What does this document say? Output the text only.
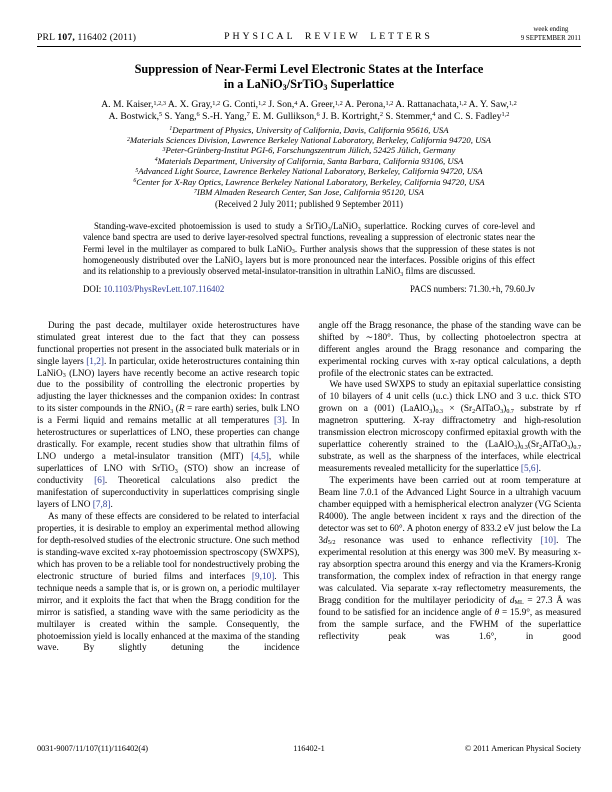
PRL 107, 116402 (2011)	PHYSICAL REVIEW LETTERS
week ending
9 SEPTEMBER 2011
Suppression of Near-Fermi Level Electronic States at the Interface
in a LaNiO3/SrTiO3 Superlattice
A. M. Kaiser,$^{1,2,3}$ A. X. Gray,$^{1,2}$ G. Conti,$^{1,2}$ J. Son,$^4$ A. Greer,$^{1,2}$ A. Perona,$^{1,2}$ A. Rattanachata,$^{1,2}$ A. Y. Saw,$^{1,2}$
A. Bostwick,$^5$ S. Yang,$^6$ S.-H. Yang,$^7$ E. M. Gullikson,$^6$ J. B. Kortright,$^2$ S. Stemmer,$^4$ and C. S. Fadley$^{1,2}$
$^1$Department of Physics, University of California, Davis, California 95616, USA
$^2$Materials Sciences Division, Lawrence Berkeley National Laboratory, Berkeley, California 94720, USA
$^3$Peter-Grünberg-Institut PGI-6, Forschungszentrum Jülich, 52425 Jülich, Germany
$^4$Materials Department, University of California, Santa Barbara, California 93106, USA
$^5$Advanced Light Source, Lawrence Berkeley National Laboratory, Berkeley, California 94720, USA
$^6$Center for X-Ray Optics, Lawrence Berkeley National Laboratory, Berkeley, California 94720, USA
$^7$IBM Almaden Research Center, San Jose, California 95120, USA
(Received 2 July 2011; published 9 September 2011)
Standing-wave-excited photoemission is used to study a SrTiO3/LaNiO3 superlattice. Rocking curves of core-level and valence band spectra are used to derive layer-resolved spectral functions, revealing a suppression of electronic states near the Fermi level in the multilayer as compared to bulk LaNiO3. Further analysis shows that the suppression of these states is not homogeneously distributed over the LaNiO3 layers but is more pronounced near the interfaces. Possible origins of this effect and its relationship to a previously observed metal-insulator-transition in ultrathin LaNiO3 films are discussed.
DOI: 10.1103/PhysRevLett.107.116402	PACS numbers: 71.30.+h, 79.60.Jv
During the past decade, multilayer oxide heterostructures have stimulated great interest due to the fact that they can possess functional properties not present in the associated bulk materials or in single layers [1,2]. In particular, oxide heterostructures containing thin LaNiO3 (LNO) layers have recently become an active research topic due to the possibility of controlling the electronic properties by adjusting the layer thicknesses and the companion oxides: In contrast to its sister compounds in the RNiO3 (R = rare earth) series, bulk LNO is a Fermi liquid and remains metallic at all temperatures [3]. In heterostructures or superlattices of LNO, these properties can change drastically. For example, recent studies show that ultrathin films of LNO undergo a metal-insulator transition (MIT) [4,5], while superlattices of LNO with SrTiO3 (STO) show an increase of conductivity [6]. Theoretical calculations also predict the manifestation of superconductivity in superlattices comprising single layers of LNO [7,8].
As many of these effects are considered to be related to interfacial properties, it is desirable to employ an experimental method allowing for depth-resolved studies of the electronic structure. One such method is standing-wave excited x-ray photoemission spectroscopy (SWXPS), which has proven to be a reliable tool for nondestructively probing the electronic structure of buried films and interfaces [9,10]. This technique needs a sample that is, or is grown on, a periodic multilayer mirror, and it exploits the fact that when the Bragg condition for the mirror is satisfied, a standing wave with the same periodicity as the multilayer is created within the sample. Consequently, the photoemission yield is locally enhanced at the maxima of the standing wave. By slightly detuning the incidence
angle off the Bragg resonance, the phase of the standing wave can be shifted by ∼180°. Thus, by collecting photoelectron spectra at different angles around the Bragg resonance and comparing the experimental rocking curves with x-ray optical calculations, a depth profile of the electronic states can be extracted.
We have used SWXPS to study an epitaxial superlattice consisting of 10 bilayers of 4 unit cells (u.c.) thick LNO and 3 u.c. thick STO grown on a (001) (LaAlO3)0.3 × (Sr2AlTaO3)0.7 substrate by rf magnetron sputtering. X-ray diffractometry and high-resolution transmission electron microscopy confirmed epitaxial growth with the superlattice coherently strained to the (LaAlO3)0.3(Sr2AlTaO3)0.7 substrate, as well as the sharpness of the interfaces, while electrical measurements revealed metallicity for the superlattice [5,6].
The experiments have been carried out at room temperature at Beam line 7.0.1 of the Advanced Light Source in a ultrahigh vacuum chamber equipped with a hemispherical electron analyzer (VG Scienta R4000). The angle between incident x rays and the direction of the detector was set to 60°. A photon energy of 833.2 eV just below the La 3d5/2 resonance was used to enhance reflectivity [10]. The experimental resolution at this energy was 300 meV. By measuring x-ray absorption spectra around this energy and via the Kramers-Kronig transformation, the complex index of refraction in that energy range was calculated. Via separate x-ray reflectometry measurements, the Bragg condition for the multilayer periodicity of dML = 27.3 Å was found to be satisfied for an incidence angle of θ = 15.9°, as measured from the sample surface, and the FWHM of the superlattice reflectivity peak was 1.6°, in good
0031-9007/11/107(11)/116402(4)	116402-1	© 2011 American Physical Society
